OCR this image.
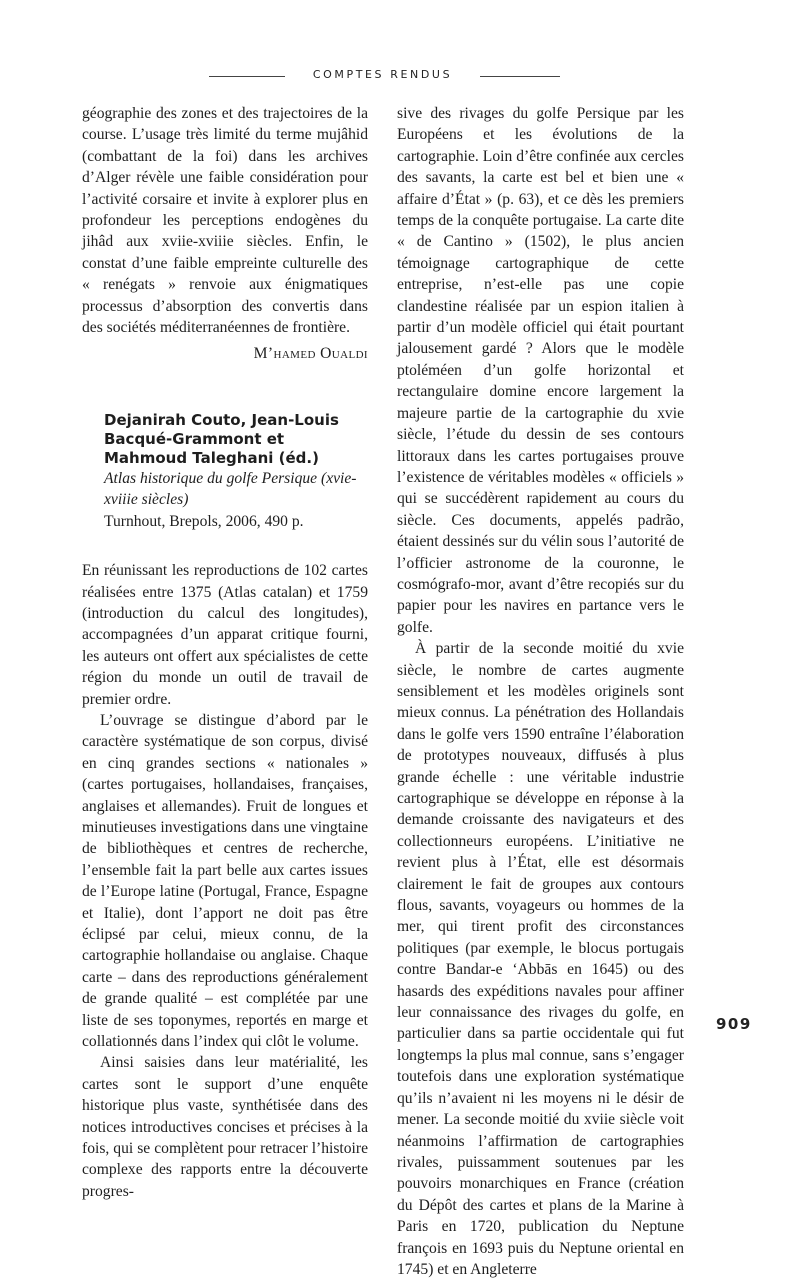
COMPTES RENDUS

géographie des zones et des trajectoires de la course. L’usage très limité du terme mujâhid (combattant de la foi) dans les archives d’Alger révèle une faible considération pour l’activité corsaire et invite à explorer plus en profondeur les perceptions endogènes du jihâd aux xviie-xviiie siècles. Enfin, le constat d’une faible empreinte culturelle des « renégats » renvoie aux énigmatiques processus d’absorption des convertis dans des sociétés méditerranéennes de frontière.

M’hamed Oualdi

Dejanirah Couto, Jean-Louis Bacqué-Grammont et Mahmoud Taleghani (éd.)
Atlas historique du golfe Persique (xvie-xviiie siècles)
Turnhout, Brepols, 2006, 490 p.

En réunissant les reproductions de 102 cartes réalisées entre 1375 (Atlas catalan) et 1759 (introduction du calcul des longitudes), accompagnées d’un apparat critique fourni, les auteurs ont offert aux spécialistes de cette région du monde un outil de travail de premier ordre.

L’ouvrage se distingue d’abord par le caractère systématique de son corpus, divisé en cinq grandes sections « nationales » (cartes portugaises, hollandaises, françaises, anglaises et allemandes). Fruit de longues et minutieuses investigations dans une vingtaine de bibliothèques et centres de recherche, l’ensemble fait la part belle aux cartes issues de l’Europe latine (Portugal, France, Espagne et Italie), dont l’apport ne doit pas être éclipsé par celui, mieux connu, de la cartographie hollandaise ou anglaise. Chaque carte – dans des reproductions généralement de grande qualité – est complétée par une liste de ses toponymes, reportés en marge et collationnés dans l’index qui clôt le volume.

Ainsi saisies dans leur matérialité, les cartes sont le support d’une enquête historique plus vaste, synthétisée dans des notices introductives concises et précises à la fois, qui se complètent pour retracer l’histoire complexe des rapports entre la découverte progres-

sive des rivages du golfe Persique par les Européens et les évolutions de la cartographie. Loin d’être confinée aux cercles des savants, la carte est bel et bien une « affaire d’État » (p. 63), et ce dès les premiers temps de la conquête portugaise. La carte dite « de Cantino » (1502), le plus ancien témoignage cartographique de cette entreprise, n’est-elle pas une copie clandestine réalisée par un espion italien à partir d’un modèle officiel qui était pourtant jalousement gardé ? Alors que le modèle ptoléméen d’un golfe horizontal et rectangulaire domine encore largement la majeure partie de la cartographie du xvie siècle, l’étude du dessin de ses contours littoraux dans les cartes portugaises prouve l’existence de véritables modèles « officiels » qui se succédèrent rapidement au cours du siècle. Ces documents, appelés padrão, étaient dessinés sur du vélin sous l’autorité de l’officier astronome de la couronne, le cosmógrafo-mor, avant d’être recopiés sur du papier pour les navires en partance vers le golfe.

À partir de la seconde moitié du xvie siècle, le nombre de cartes augmente sensiblement et les modèles originels sont mieux connus. La pénétration des Hollandais dans le golfe vers 1590 entraîne l’élaboration de prototypes nouveaux, diffusés à plus grande échelle : une véritable industrie cartographique se développe en réponse à la demande croissante des navigateurs et des collectionneurs européens. L’initiative ne revient plus à l’État, elle est désormais clairement le fait de groupes aux contours flous, savants, voyageurs ou hommes de la mer, qui tirent profit des circonstances politiques (par exemple, le blocus portugais contre Bandar-e ‘Abbās en 1645) ou des hasards des expéditions navales pour affiner leur connaissance des rivages du golfe, en particulier dans sa partie occidentale qui fut longtemps la plus mal connue, sans s’engager toutefois dans une exploration systématique qu’ils n’avaient ni les moyens ni le désir de mener. La seconde moitié du xviie siècle voit néanmoins l’affirmation de cartographies rivales, puissamment soutenues par les pouvoirs monarchiques en France (création du Dépôt des cartes et plans de la Marine à Paris en 1720, publication du Neptune françois en 1693 puis du Neptune oriental en 1745) et en Angleterre

909
